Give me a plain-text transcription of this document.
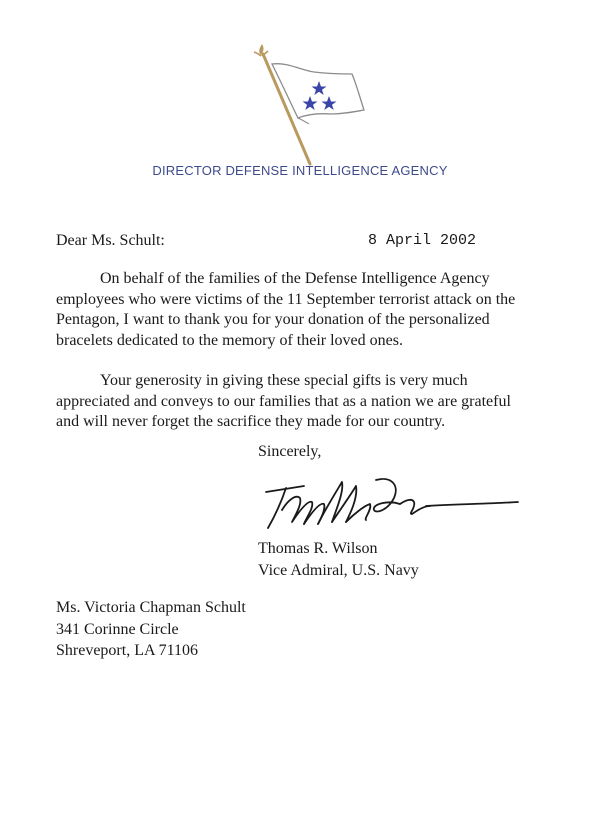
DIRECTOR DEFENSE INTELLIGENCE AGENCY
Dear Ms. Schult:	8 April 2002

On behalf of the families of the Defense Intelligence Agency employees who were victims of the 11 September terrorist attack on the Pentagon, I want to thank you for your donation of the personalized bracelets dedicated to the memory of their loved ones.

Your generosity in giving these special gifts is very much appreciated and conveys to our families that as a nation we are grateful and will never forget the sacrifice they made for our country.

Sincerely,
Thomas R. Wilson
Vice Admiral, U.S. Navy
Ms. Victoria Chapman Schult
341 Corinne Circle
Shreveport, LA 71106
